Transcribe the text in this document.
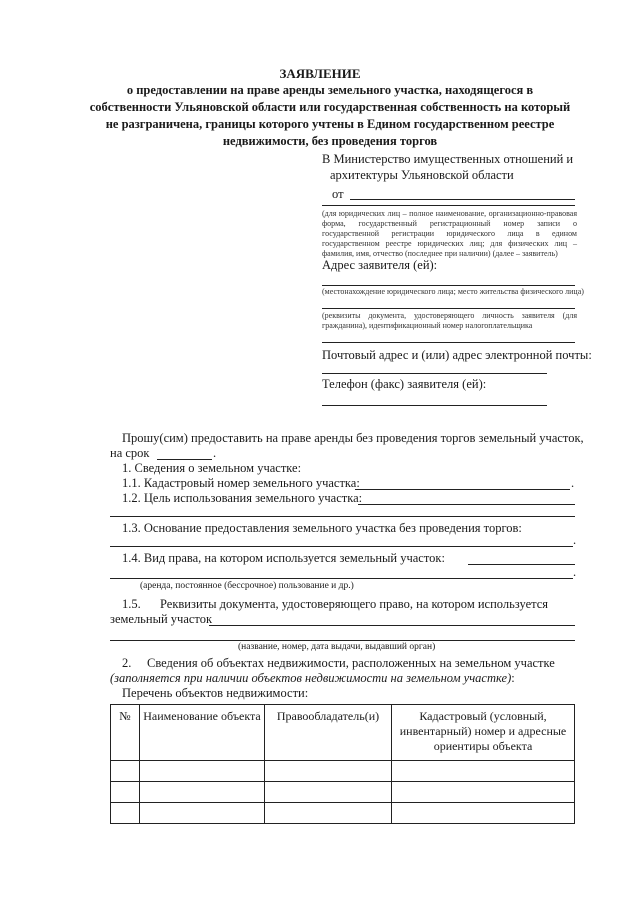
ЗАЯВЛЕНИЕ
о предоставлении на праве аренды земельного участка, находящегося в
собственности Ульяновской области или государственная собственность на который
не разграничена, границы которого учтены в Едином государственном реестре
недвижимости, без проведения торгов
В Министерство имущественных отношений и
архитектуры Ульяновской области
от
(для юридических лиц – полное наименование, организационно-правовая форма, государственный регистрационный номер записи о государственной регистрации юридического лица в едином государственном реестре юридических лиц; для физических лиц – фамилия, имя, отчество (последнее при наличии) (далее – заявитель)
Адрес заявителя (ей):
(местонахождение юридического лица; место жительства физического лица)
(реквизиты документа, удостоверяющего личность заявителя (для гражданина), идентификационный номер налогоплательщика
Почтовый адрес и (или) адрес электронной почты:
Телефон (факс) заявителя (ей):
Прошу(сим) предоставить на праве аренды без проведения торгов земельный участок,
на срок	.
1. Сведения о земельном участке:
1.1. Кадастровый номер земельного участка:	.
1.2. Цель использования земельного участка:
1.3. Основание предоставления земельного участка без проведения торгов:
.
1.4. Вид права, на котором используется земельный участок:
.
(аренда, постоянное (бессрочное) пользование и др.)
1.5. Реквизиты документа, удостоверяющего право, на котором используется
земельный участок
(название, номер, дата выдачи, выдавший орган)
2. Сведения об объектах недвижимости, расположенных на земельном участке
(заполняется при наличии объектов недвижимости на земельном участке):
Перечень объектов недвижимости:
№	Наименование объекта	Правообладатель(и)	Кадастровый (условный, инвентарный) номер и адресные ориентиры объекта
